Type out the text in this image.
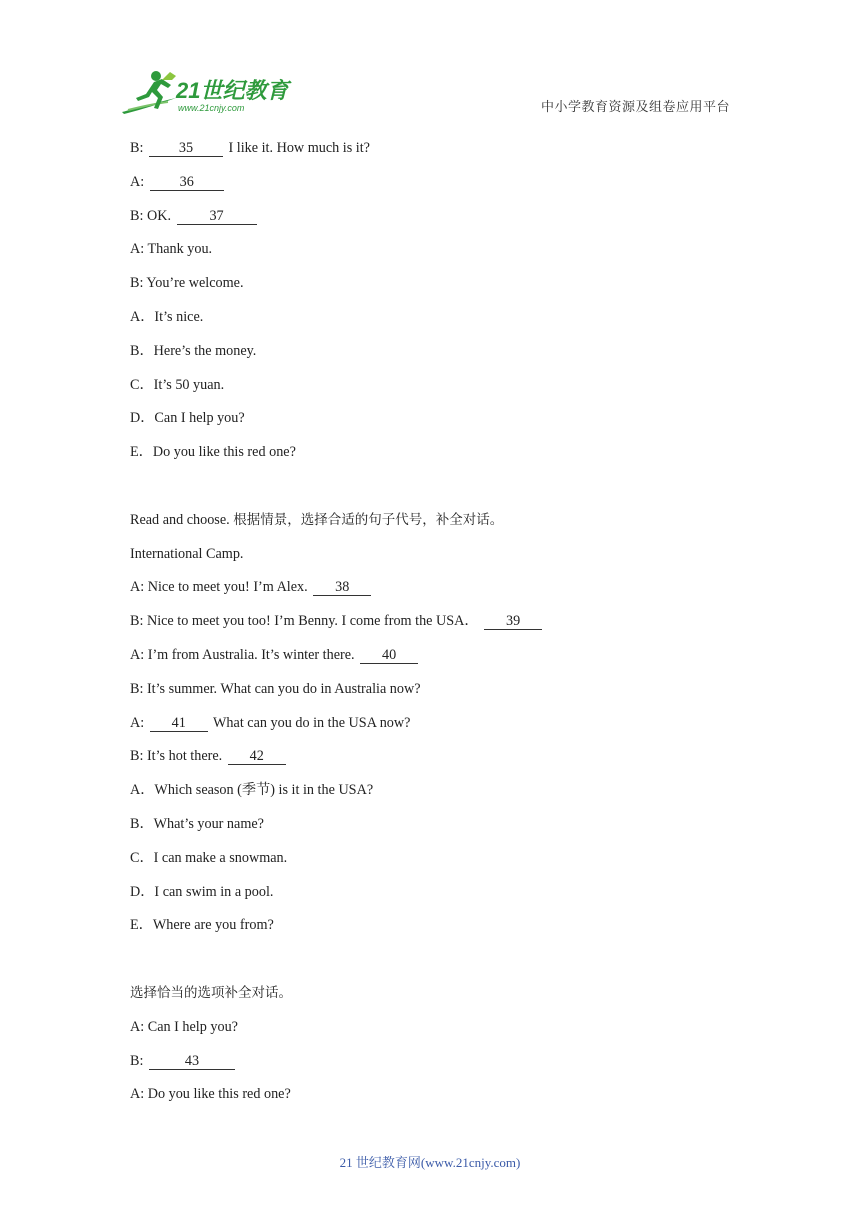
21世纪教育
www.21cnjy.com	中小学教育资源及组卷应用平台
B: 35 I like it. How much is it?
A: 36
B: OK.	37
A: Thank you.
B: You’re welcome.
A．It’s nice.
B．Here’s the money.
C．It’s 50 yuan.
D．Can I help you?
E．Do you like this red one?
Read and choose. 根据情景，选择合适的句子代号，补全对话。
International Camp.
A: Nice to meet you! I’m Alex. 38
B: Nice to meet you too! I’m Benny. I come from the USA． 39
A: I’m from Australia. It’s winter there. 40
B: It’s summer. What can you do in Australia now?
A: 41 What can you do in the USA now?
B: It’s hot there. 42
A．Which season (季节) is it in the USA?
B．What’s your name?
C．I can make a snowman.
D．I can swim in a pool.
E．Where are you from?
选择恰当的选项补全对话。
A: Can I help you?
B:	43
A: Do you like this red one?
21 世纪教育网(www.21cnjy.com)
